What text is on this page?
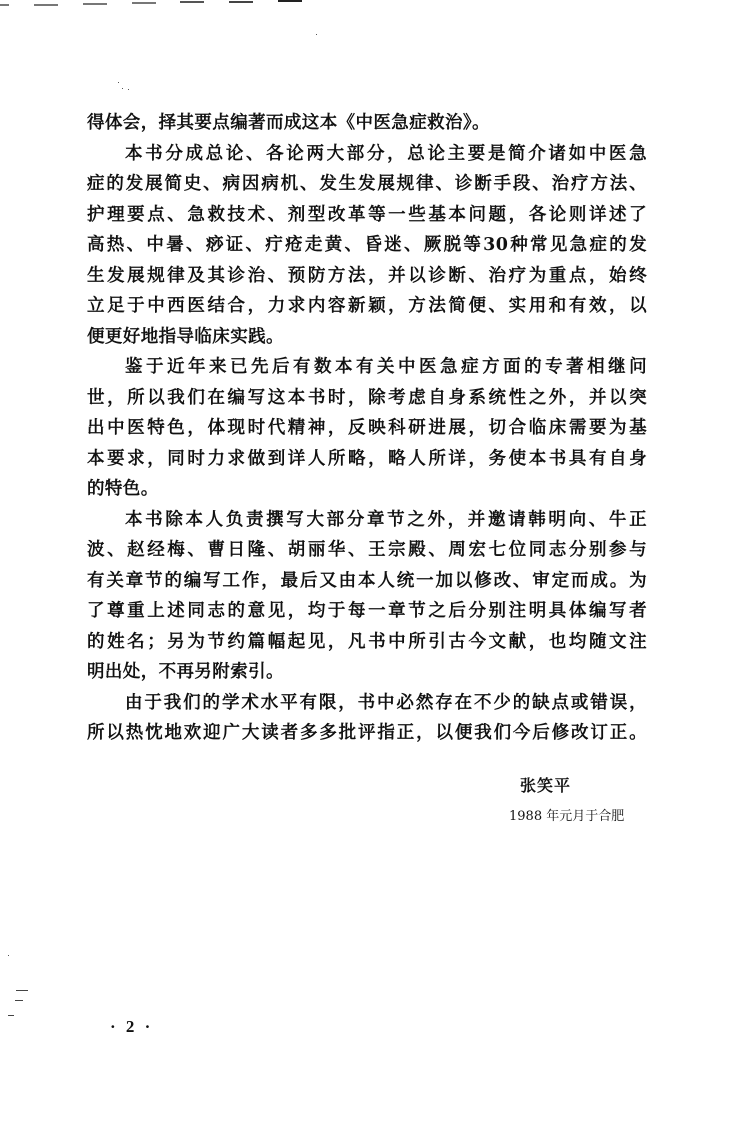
得体会，择其要点编著而成这本《中医急症救治》。
本书分成总论、各论两大部分，总论主要是简介诸如中医急
症的发展简史、病因病机、发生发展规律、诊断手段、治疗方法、
护理要点、急救技术、剂型改革等一些基本问题，各论则详述了
高热、中暑、痧证、疔疮走黄、昏迷、厥脱等30种常见急症的发
生发展规律及其诊治、预防方法，并以诊断、治疗为重点，始终
立足于中西医结合，力求内容新颖，方法简便、实用和有效，以
便更好地指导临床实践。
鉴于近年来已先后有数本有关中医急症方面的专著相继问
世，所以我们在编写这本书时，除考虑自身系统性之外，并以突
出中医特色，体现时代精神，反映科研进展，切合临床需要为基
本要求，同时力求做到详人所略，略人所详，务使本书具有自身
的特色。
本书除本人负责撰写大部分章节之外，并邀请韩明向、牛正
波、赵经梅、曹日隆、胡丽华、王宗殿、周宏七位同志分别参与
有关章节的编写工作，最后又由本人统一加以修改、审定而成。为
了尊重上述同志的意见，均于每一章节之后分别注明具体编写者
的姓名；另为节约篇幅起见，凡书中所引古今文献，也均随文注
明出处，不再另附索引。
由于我们的学术水平有限，书中必然存在不少的缺点或错误，
所以热忱地欢迎广大读者多多批评指正，以便我们今后修改订正。
张笑平
1988 年元月于合肥
· 2 ·
